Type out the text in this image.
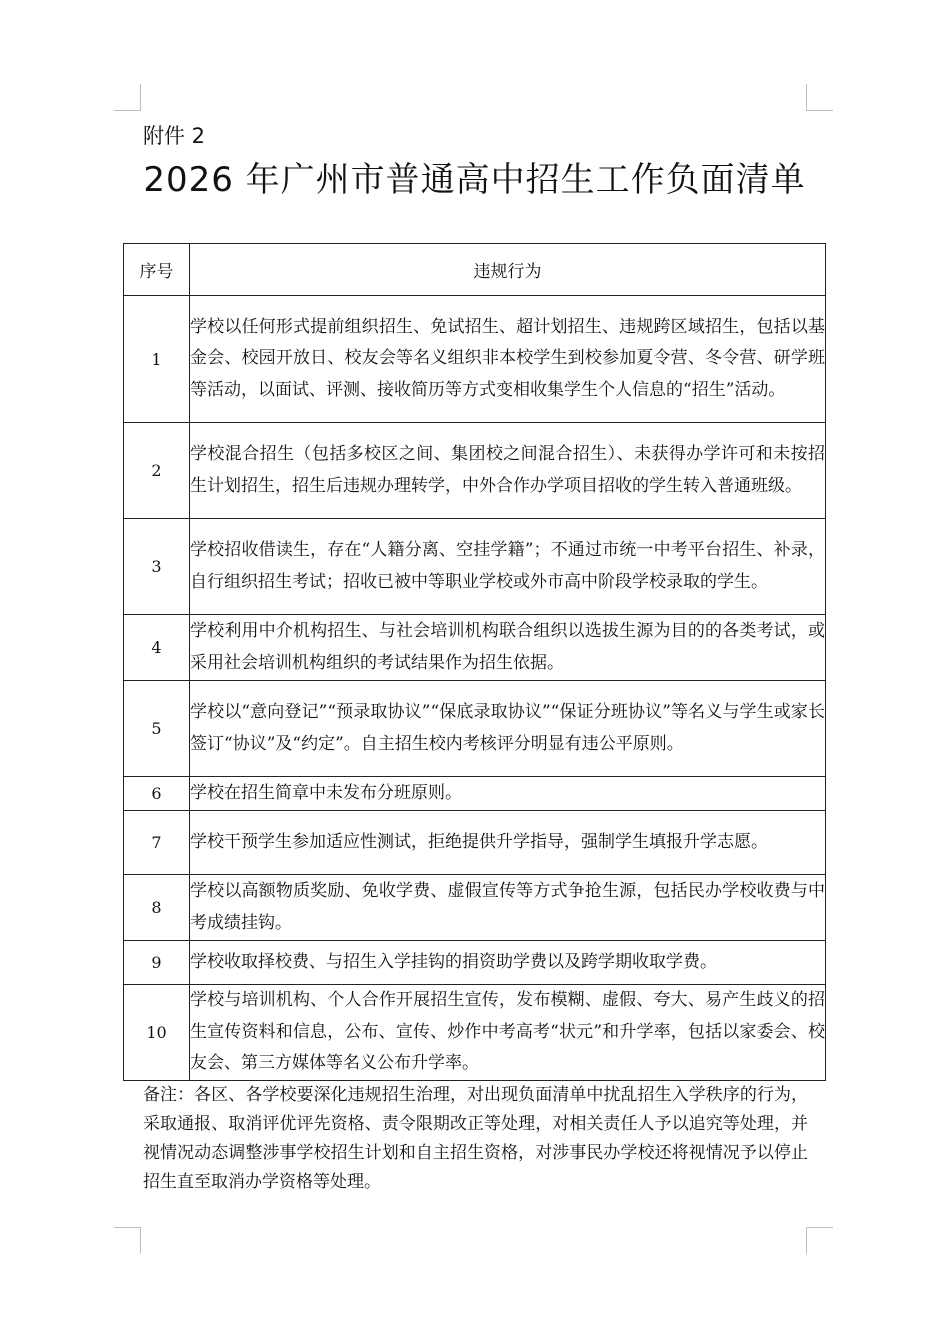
附件 2
2026 年广州市普通高中招生工作负面清单
序号	违规行为
1	学校以任何形式提前组织招生、免试招生、超计划招生、违规跨区域招生，包括以基金会、校园开放日、校友会等名义组织非本校学生到校参加夏令营、冬令营、研学班等活动，以面试、评测、接收简历等方式变相收集学生个人信息的“招生”活动。
2	学校混合招生（包括多校区之间、集团校之间混合招生）、未获得办学许可和未按招生计划招生，招生后违规办理转学，中外合作办学项目招收的学生转入普通班级。
3	学校招收借读生，存在“人籍分离、空挂学籍”；不通过市统一中考平台招生、补录，自行组织招生考试；招收已被中等职业学校或外市高中阶段学校录取的学生。
4	学校利用中介机构招生、与社会培训机构联合组织以选拔生源为目的的各类考试，或采用社会培训机构组织的考试结果作为招生依据。
5	学校以“意向登记”“预录取协议”“保底录取协议”“保证分班协议”等名义与学生或家长签订“协议”及“约定”。自主招生校内考核评分明显有违公平原则。
6	学校在招生简章中未发布分班原则。
7	学校干预学生参加适应性测试，拒绝提供升学指导，强制学生填报升学志愿。
8	学校以高额物质奖励、免收学费、虚假宣传等方式争抢生源，包括民办学校收费与中考成绩挂钩。
9	学校收取择校费、与招生入学挂钩的捐资助学费以及跨学期收取学费。
10	学校与培训机构、个人合作开展招生宣传，发布模糊、虚假、夸大、易产生歧义的招生宣传资料和信息，公布、宣传、炒作中考高考“状元”和升学率，包括以家委会、校友会、第三方媒体等名义公布升学率。
备注：各区、各学校要深化违规招生治理，对出现负面清单中扰乱招生入学秩序的行为，采取通报、取消评优评先资格、责令限期改正等处理，对相关责任人予以追究等处理，并视情况动态调整涉事学校招生计划和自主招生资格，对涉事民办学校还将视情况予以停止招生直至取消办学资格等处理。
